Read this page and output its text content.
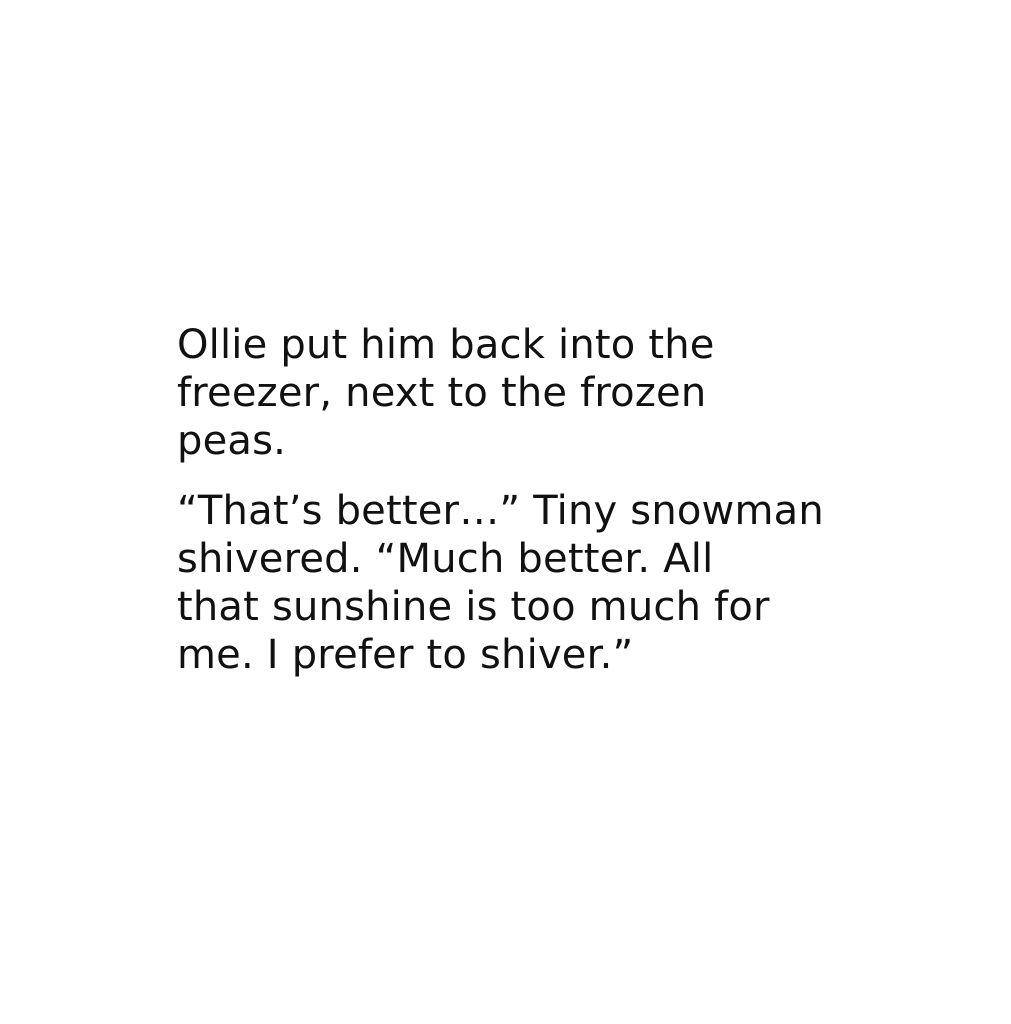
Ollie put him back into the
freezer, next to the frozen
peas.

“That’s better…” Tiny snowman
shivered. “Much better. All
that sunshine is too much for
me. I prefer to shiver.”
